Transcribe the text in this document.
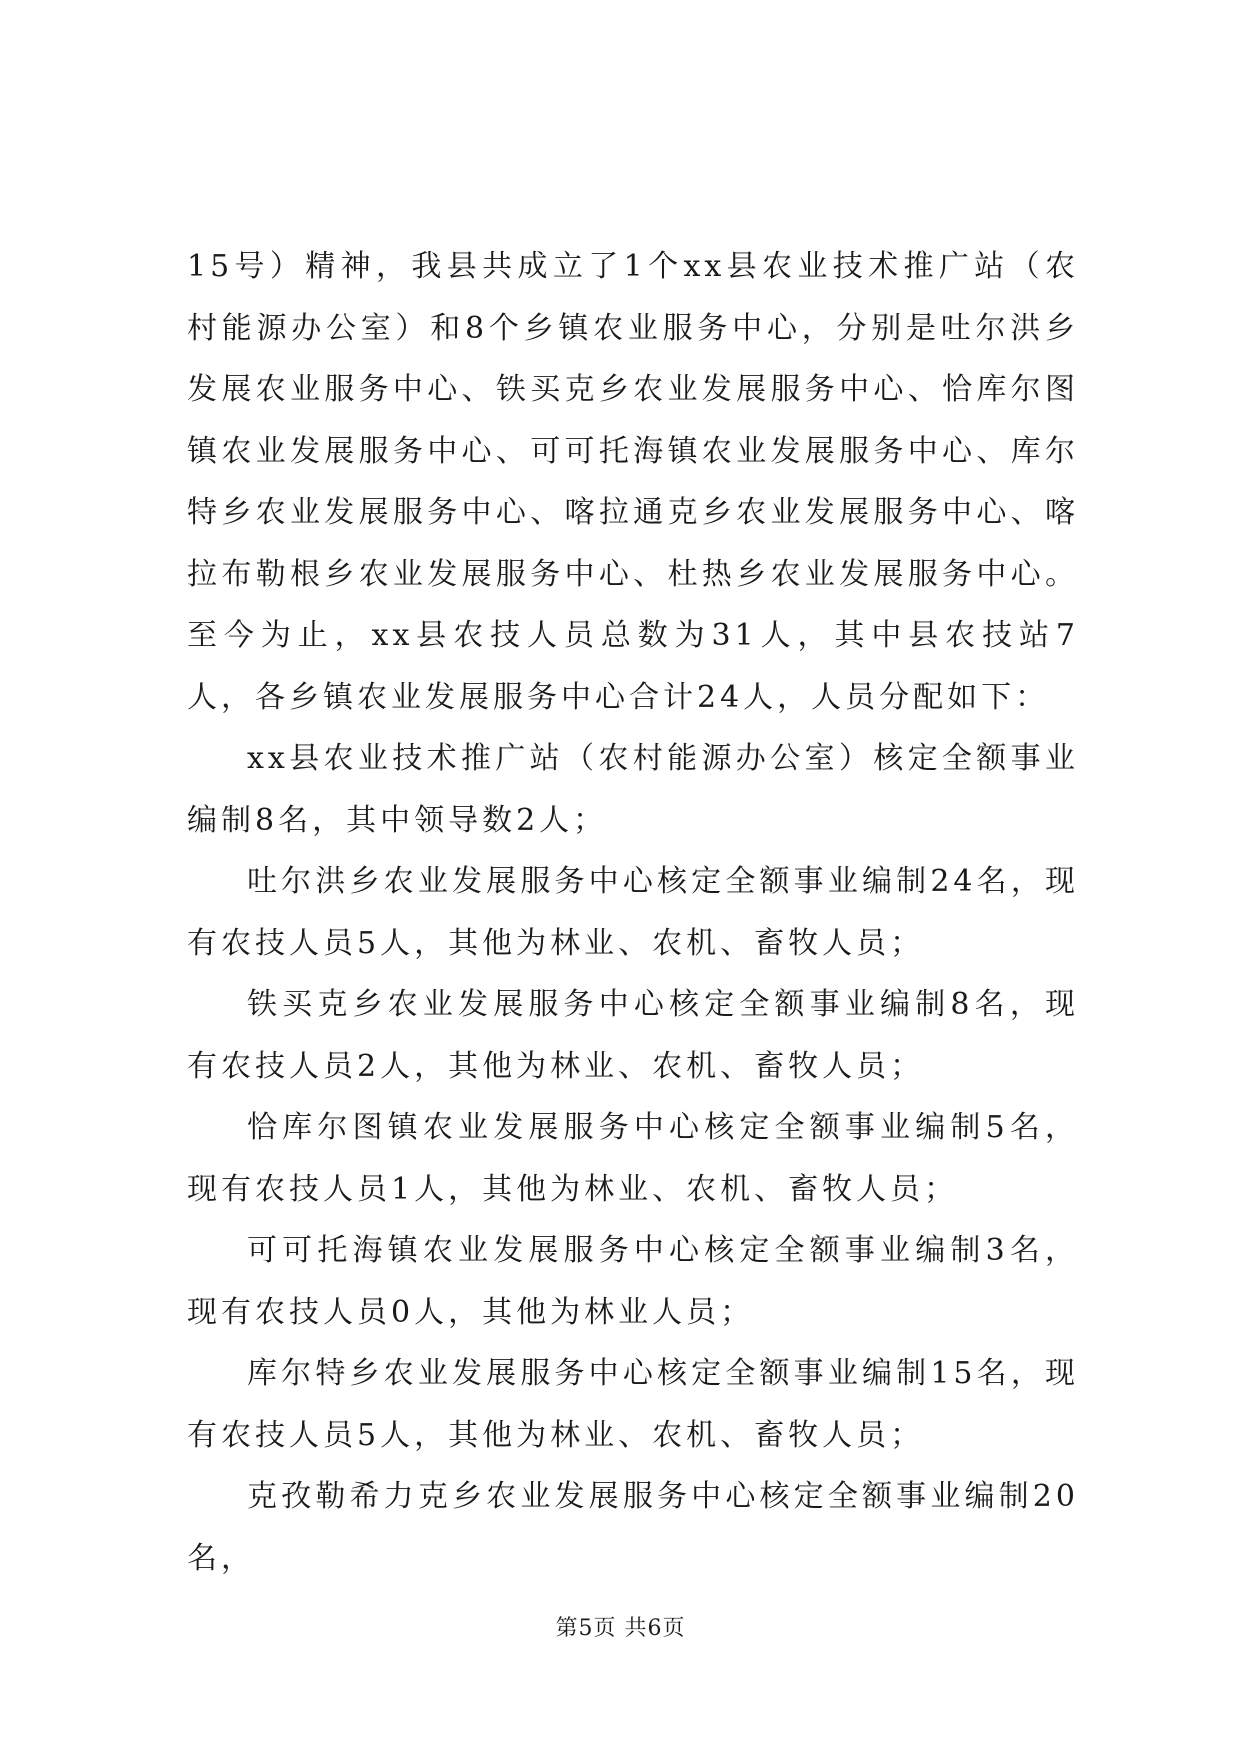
15号）精神，我县共成立了1个xx县农业技术推广站（农村能源办公室）和8个乡镇农业服务中心，分别是吐尔洪乡发展农业服务中心、铁买克乡农业发展服务中心、恰库尔图镇农业发展服务中心、可可托海镇农业发展服务中心、库尔特乡农业发展服务中心、喀拉通克乡农业发展服务中心、喀拉布勒根乡农业发展服务中心、杜热乡农业发展服务中心。至今为止，xx县农技人员总数为31人，其中县农技站7人，各乡镇农业发展服务中心合计24人，人员分配如下：

xx县农业技术推广站（农村能源办公室）核定全额事业编制8名，其中领导数2人；

吐尔洪乡农业发展服务中心核定全额事业编制24名，现有农技人员5人，其他为林业、农机、畜牧人员；

铁买克乡农业发展服务中心核定全额事业编制8名，现有农技人员2人，其他为林业、农机、畜牧人员；

恰库尔图镇农业发展服务中心核定全额事业编制5名，现有农技人员1人，其他为林业、农机、畜牧人员；

可可托海镇农业发展服务中心核定全额事业编制3名，现有农技人员0人，其他为林业人员；

库尔特乡农业发展服务中心核定全额事业编制15名，现有农技人员5人，其他为林业、农机、畜牧人员；

克孜勒希力克乡农业发展服务中心核定全额事业编制20名，

第5页 共6页
